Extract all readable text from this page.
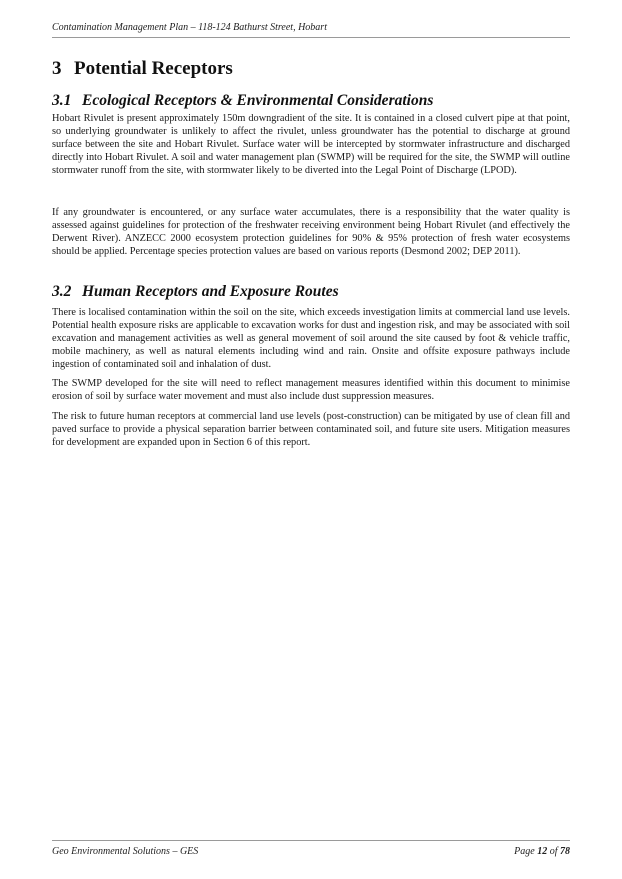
Contamination Management Plan – 118-124 Bathurst Street, Hobart
3 Potential Receptors
3.1 Ecological Receptors & Environmental Considerations
Hobart Rivulet is present approximately 150m downgradient of the site. It is contained in a closed culvert pipe at that point, so underlying groundwater is unlikely to affect the rivulet, unless groundwater has the potential to discharge at ground surface between the site and Hobart Rivulet. Surface water will be intercepted by stormwater infrastructure and discharged directly into Hobart Rivulet. A soil and water management plan (SWMP) will be required for the site, the SWMP will outline stormwater runoff from the site, with stormwater likely to be diverted into the Legal Point of Discharge (LPOD).
If any groundwater is encountered, or any surface water accumulates, there is a responsibility that the water quality is assessed against guidelines for protection of the freshwater receiving environment being Hobart Rivulet (and effectively the Derwent River). ANZECC 2000 ecosystem protection guidelines for 90% & 95% protection of fresh water ecosystems should be applied. Percentage species protection values are based on various reports (Desmond 2002; DEP 2011).
3.2 Human Receptors and Exposure Routes
There is localised contamination within the soil on the site, which exceeds investigation limits at commercial land use levels. Potential health exposure risks are applicable to excavation works for dust and ingestion risk, and may be associated with soil excavation and management activities as well as general movement of soil around the site caused by foot & vehicle traffic, mobile machinery, as well as natural elements including wind and rain. Onsite and offsite exposure pathways include ingestion of contaminated soil and inhalation of dust.
The SWMP developed for the site will need to reflect management measures identified within this document to minimise erosion of soil by surface water movement and must also include dust suppression measures.
The risk to future human receptors at commercial land use levels (post-construction) can be mitigated by use of clean fill and paved surface to provide a physical separation barrier between contaminated soil, and future site users. Mitigation measures for development are expanded upon in Section 6 of this report.
Geo Environmental Solutions – GES	Page 12 of 78
